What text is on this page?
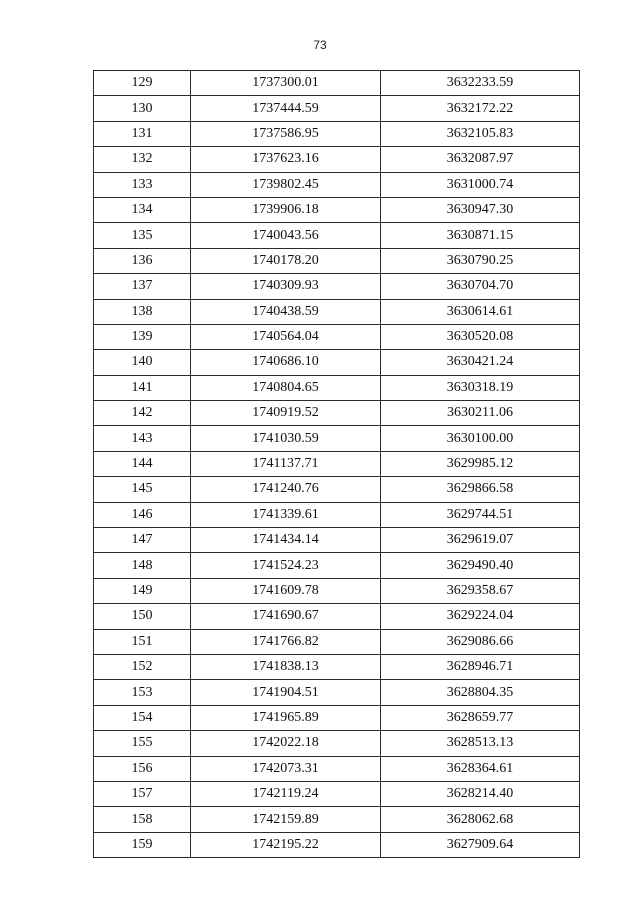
73
129	1737300.01	3632233.59
130	1737444.59	3632172.22
131	1737586.95	3632105.83
132	1737623.16	3632087.97
133	1739802.45	3631000.74
134	1739906.18	3630947.30
135	1740043.56	3630871.15
136	1740178.20	3630790.25
137	1740309.93	3630704.70
138	1740438.59	3630614.61
139	1740564.04	3630520.08
140	1740686.10	3630421.24
141	1740804.65	3630318.19
142	1740919.52	3630211.06
143	1741030.59	3630100.00
144	1741137.71	3629985.12
145	1741240.76	3629866.58
146	1741339.61	3629744.51
147	1741434.14	3629619.07
148	1741524.23	3629490.40
149	1741609.78	3629358.67
150	1741690.67	3629224.04
151	1741766.82	3629086.66
152	1741838.13	3628946.71
153	1741904.51	3628804.35
154	1741965.89	3628659.77
155	1742022.18	3628513.13
156	1742073.31	3628364.61
157	1742119.24	3628214.40
158	1742159.89	3628062.68
159	1742195.22	3627909.64
